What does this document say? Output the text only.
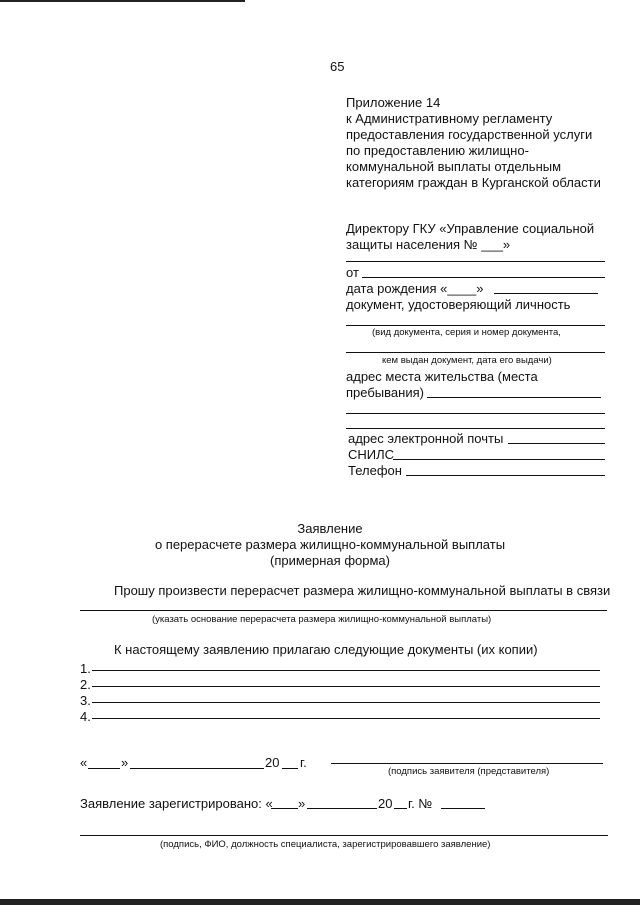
65
Приложение 14
к Административному регламенту
предоставления государственной услуги
по предоставлению жилищно-
коммунальной выплаты отдельным
категориям граждан в Курганской области
Директору ГКУ «Управление социальной
защиты населения № ___»
от
дата рождения «____»
документ, удостоверяющий личность
(вид документа, серия и номер документа,
кем выдан документ, дата его выдачи)
адрес места жительства (места
пребывания)
адрес электронной почты
СНИЛС
Телефон
Заявление
о перерасчете размера жилищно-коммунальной выплаты
(примерная форма)
Прошу произвести перерасчет размера жилищно-коммунальной выплаты в связи
(указать основание перерасчета размера жилищно-коммунальной выплаты)
К настоящему заявлению прилагаю следующие документы (их копии)
1.
2.
3.
4.
«	»	20 г.
(подпись заявителя (представителя)
Заявление зарегистрировано: « »	20 г. №
(подпись, ФИО, должность специалиста, зарегистрировавшего заявление)
